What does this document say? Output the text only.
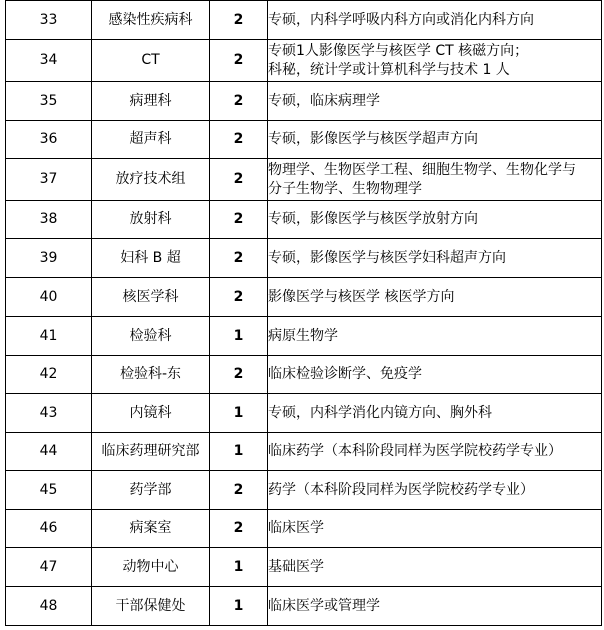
33	感染性疾病科	2	专硕，内科学呼吸内科方向或消化内科方向

34	CT	2	专硕1人影像医学与核医学 CT 核磁方向；
科秘，统计学或计算机科学与技术 1 人

35	病理科	2	专硕，临床病理学

36	超声科	2	专硕，影像医学与核医学超声方向

37	放疗技术组	2	物理学、生物医学工程、细胞生物学、生物化学与
分子生物学、生物物理学

38	放射科	2	专硕，影像医学与核医学放射方向

39	妇科 B 超	2	专硕，影像医学与核医学妇科超声方向

40	核医学科	2	影像医学与核医学 核医学方向

41	检验科	1	病原生物学

42	检验科-东	2	临床检验诊断学、免疫学

43	内镜科	1	专硕，内科学消化内镜方向、胸外科

44	临床药理研究部	1	临床药学（本科阶段同样为医学院校药学专业）

45	药学部	2	药学（本科阶段同样为医学院校药学专业）

46	病案室	2	临床医学

47	动物中心	1	基础医学

48	干部保健处	1	临床医学或管理学
